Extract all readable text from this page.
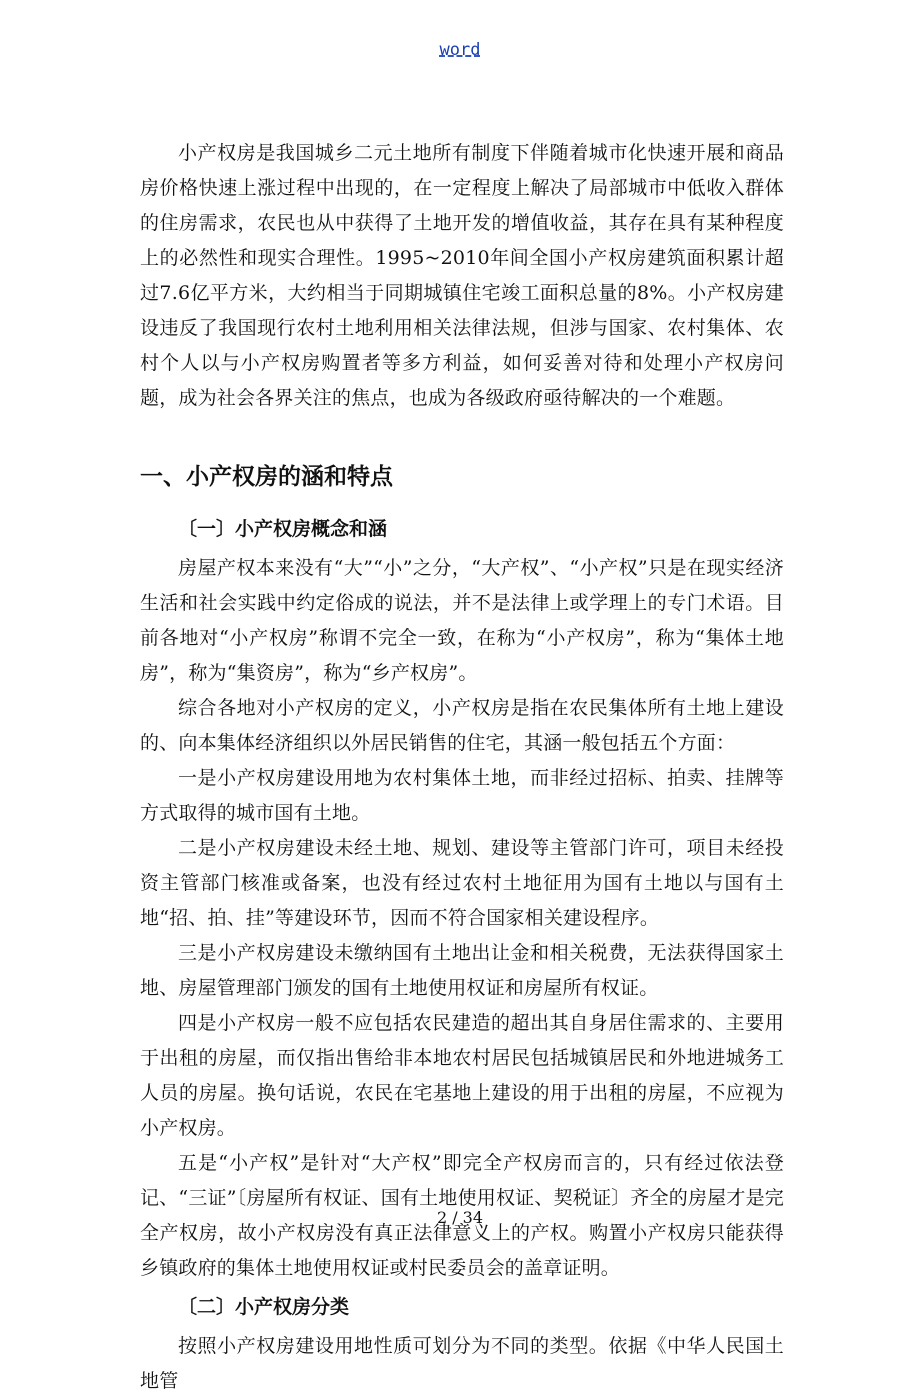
word

小产权房是我国城乡二元土地所有制度下伴随着城市化快速开展和商品房价格快速上涨过程中出现的，在一定程度上解决了局部城市中低收入群体的住房需求，农民也从中获得了土地开发的增值收益，其存在具有某种程度上的必然性和现实合理性。1995~2010年间全国小产权房建筑面积累计超过7.6亿平方米，大约相当于同期城镇住宅竣工面积总量的8%。小产权房建设违反了我国现行农村土地利用相关法律法规，但涉与国家、农村集体、农村个人以与小产权房购置者等多方利益，如何妥善对待和处理小产权房问题，成为社会各界关注的焦点，也成为各级政府亟待解决的一个难题。

一、小产权房的涵和特点
〔一〕小产权房概念和涵

房屋产权本来没有“大”“小”之分，“大产权”、“小产权”只是在现实经济生活和社会实践中约定俗成的说法，并不是法律上或学理上的专门术语。目前各地对“小产权房”称谓不完全一致，在称为“小产权房”，称为“集体土地房”，称为“集资房”，称为“乡产权房”。

综合各地对小产权房的定义，小产权房是指在农民集体所有土地上建设的、向本集体经济组织以外居民销售的住宅，其涵一般包括五个方面：

一是小产权房建设用地为农村集体土地，而非经过招标、拍卖、挂牌等方式取得的城市国有土地。

二是小产权房建设未经土地、规划、建设等主管部门许可，项目未经投资主管部门核准或备案，也没有经过农村土地征用为国有土地以与国有土地“招、拍、挂”等建设环节，因而不符合国家相关建设程序。

三是小产权房建设未缴纳国有土地出让金和相关税费，无法获得国家土地、房屋管理部门颁发的国有土地使用权证和房屋所有权证。

四是小产权房一般不应包括农民建造的超出其自身居住需求的、主要用于出租的房屋，而仅指出售给非本地农村居民包括城镇居民和外地进城务工人员的房屋。换句话说，农民在宅基地上建设的用于出租的房屋，不应视为小产权房。

五是“小产权”是针对“大产权”即完全产权房而言的，只有经过依法登记、“三证”〔房屋所有权证、国有土地使用权证、契税证〕齐全的房屋才是完全产权房，故小产权房没有真正法律意义上的产权。购置小产权房只能获得乡镇政府的集体土地使用权证或村民委员会的盖章证明。

〔二〕小产权房分类

按照小产权房建设用地性质可划分为不同的类型。依据《中华人民国土地管

2 / 34
